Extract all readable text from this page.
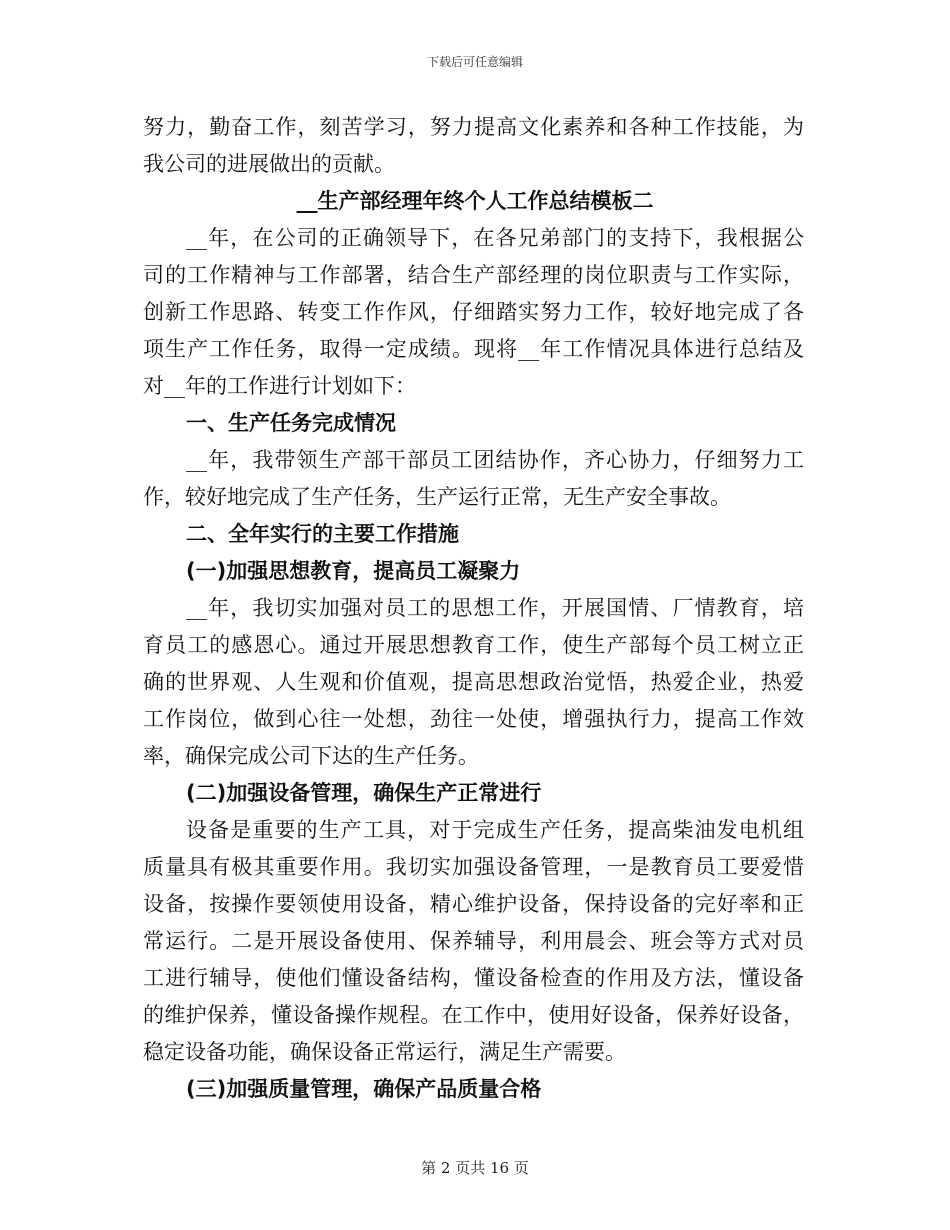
下载后可任意编辑

努力，勤奋工作，刻苦学习，努力提高文化素养和各种工作技能，为

我公司的进展做出的贡献。

__生产部经理年终个人工作总结模板二

__年，在公司的正确领导下，在各兄弟部门的支持下，我根据公

司的工作精神与工作部署，结合生产部经理的岗位职责与工作实际，

创新工作思路、转变工作作风，仔细踏实努力工作，较好地完成了各

项生产工作任务，取得一定成绩。现将__年工作情况具体进行总结及

对__年的工作进行计划如下：

一、生产任务完成情况

__年，我带领生产部干部员工团结协作，齐心协力，仔细努力工

作，较好地完成了生产任务，生产运行正常，无生产安全事故。

二、全年实行的主要工作措施

(一)加强思想教育，提高员工凝聚力

__年，我切实加强对员工的思想工作，开展国情、厂情教育，培

育员工的感恩心。通过开展思想教育工作，使生产部每个员工树立正

确的世界观、人生观和价值观，提高思想政治觉悟，热爱企业，热爱

工作岗位，做到心往一处想，劲往一处使，增强执行力，提高工作效

率，确保完成公司下达的生产任务。

(二)加强设备管理，确保生产正常进行

设备是重要的生产工具，对于完成生产任务，提高柴油发电机组

质量具有极其重要作用。我切实加强设备管理，一是教育员工要爱惜

设备，按操作要领使用设备，精心维护设备，保持设备的完好率和正

常运行。二是开展设备使用、保养辅导，利用晨会、班会等方式对员

工进行辅导，使他们懂设备结构，懂设备检查的作用及方法，懂设备

的维护保养，懂设备操作规程。在工作中，使用好设备，保养好设备，

稳定设备功能，确保设备正常运行，满足生产需要。

(三)加强质量管理，确保产品质量合格

第 2 页共 16 页
